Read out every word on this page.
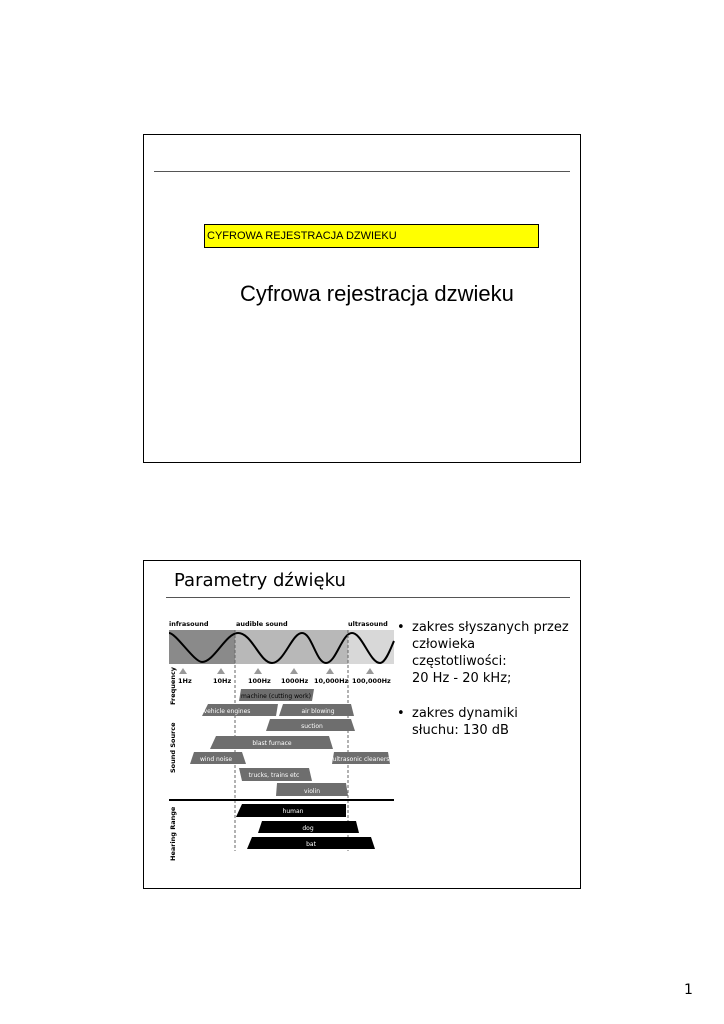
CYFROWA REJESTRACJA DZWIEKU
Cyfrowa rejestracja dzwieku
Parametry dźwięku
infrasound	audible sound	ultrasound
1Hz	10Hz	100Hz 1000Hz 10,000Hz 100,000Hz
Frequency
Sound Source
Hearing Range
machine (cutting work)
vehicle engines	air blowing
suction
blast furnace
wind noise	ultrasonic cleaners
trucks, trains etc
violin
human
dog
bat
• zakres słyszanych przez
człowieka
częstotliwości:
20 Hz - 20 kHz;
• zakres dynamiki
słuchu: 130 dB
1
